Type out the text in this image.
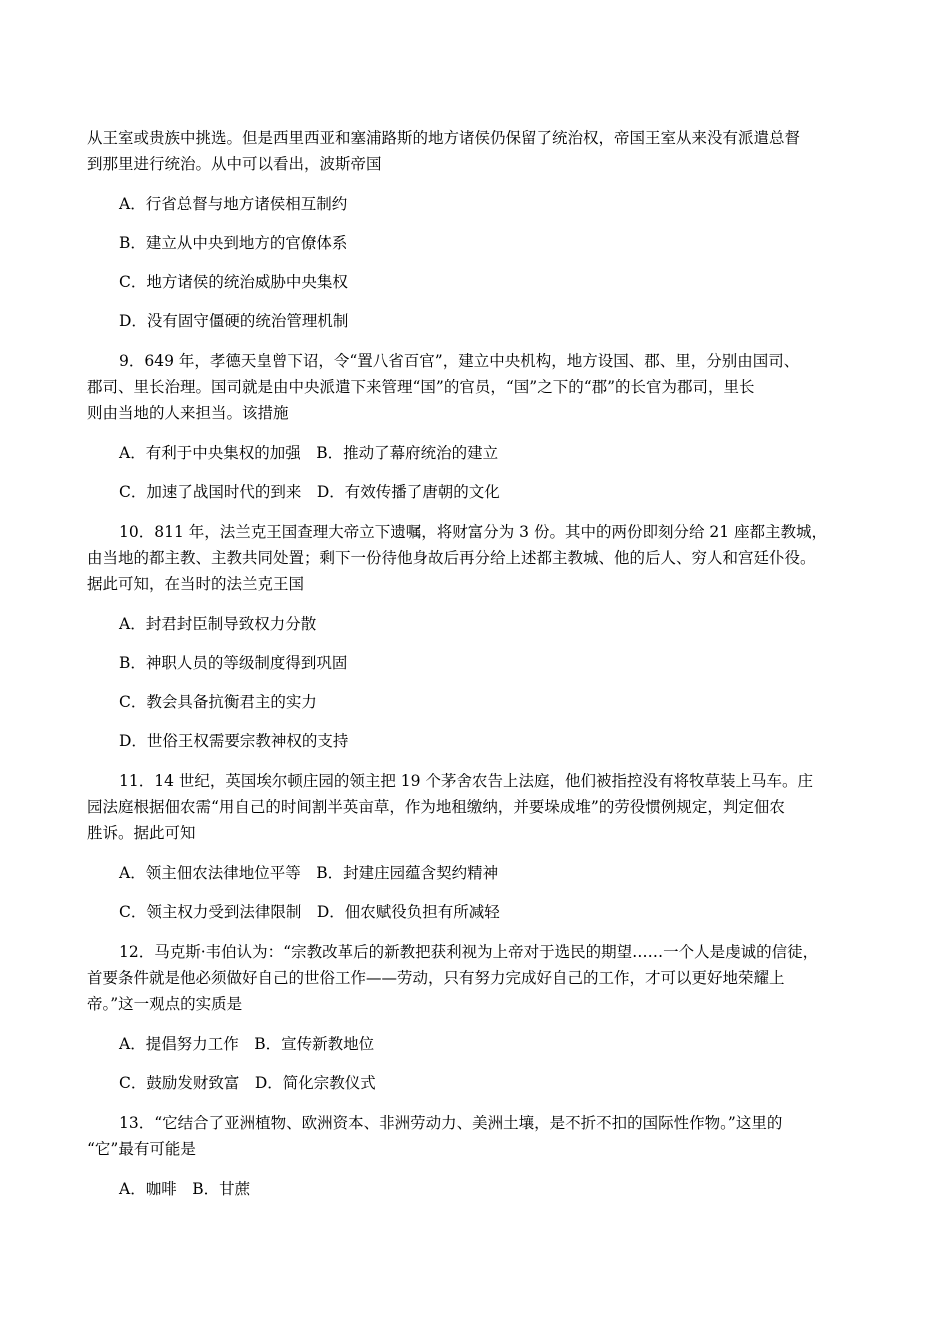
从王室或贵族中挑选。但是西里西亚和塞浦路斯的地方诸侯仍保留了统治权，帝国王室从来没有派遣总督
到那里进行统治。从中可以看出，波斯帝国
A．行省总督与地方诸侯相互制约
B．建立从中央到地方的官僚体系
C．地方诸侯的统治威胁中央集权
D．没有固守僵硬的统治管理机制
9．649 年，孝德天皇曾下诏，令“置八省百官”，建立中央机构，地方设国、郡、里，分别由国司、
郡司、里长治理。国司就是由中央派遣下来管理“国”的官员，“国”之下的“郡”的长官为郡司，里长
则由当地的人来担当。该措施
A．有利于中央集权的加强　B．推动了幕府统治的建立
C．加速了战国时代的到来　D．有效传播了唐朝的文化
10．811 年，法兰克王国查理大帝立下遗嘱，将财富分为 3 份。其中的两份即刻分给 21 座都主教城，
由当地的都主教、主教共同处置；剩下一份待他身故后再分给上述都主教城、他的后人、穷人和宫廷仆役。
据此可知，在当时的法兰克王国
A．封君封臣制导致权力分散
B．神职人员的等级制度得到巩固
C．教会具备抗衡君主的实力
D．世俗王权需要宗教神权的支持
11．14 世纪，英国埃尔顿庄园的领主把 19 个茅舍农告上法庭，他们被指控没有将牧草装上马车。庄
园法庭根据佃农需“用自己的时间割半英亩草，作为地租缴纳，并要垛成堆”的劳役惯例规定，判定佃农
胜诉。据此可知
A．领主佃农法律地位平等　B．封建庄园蕴含契约精神
C．领主权力受到法律限制　D．佃农赋役负担有所减轻
12．马克斯·韦伯认为：“宗教改革后的新教把获利视为上帝对于选民的期望……一个人是虔诚的信徒，
首要条件就是他必须做好自己的世俗工作——劳动，只有努力完成好自己的工作，才可以更好地荣耀上
帝。”这一观点的实质是
A．提倡努力工作　B．宣传新教地位
C．鼓励发财致富　D．简化宗教仪式
13．“它结合了亚洲植物、欧洲资本、非洲劳动力、美洲土壤，是不折不扣的国际性作物。”这里的
“它”最有可能是
A．咖啡　B．甘蔗
